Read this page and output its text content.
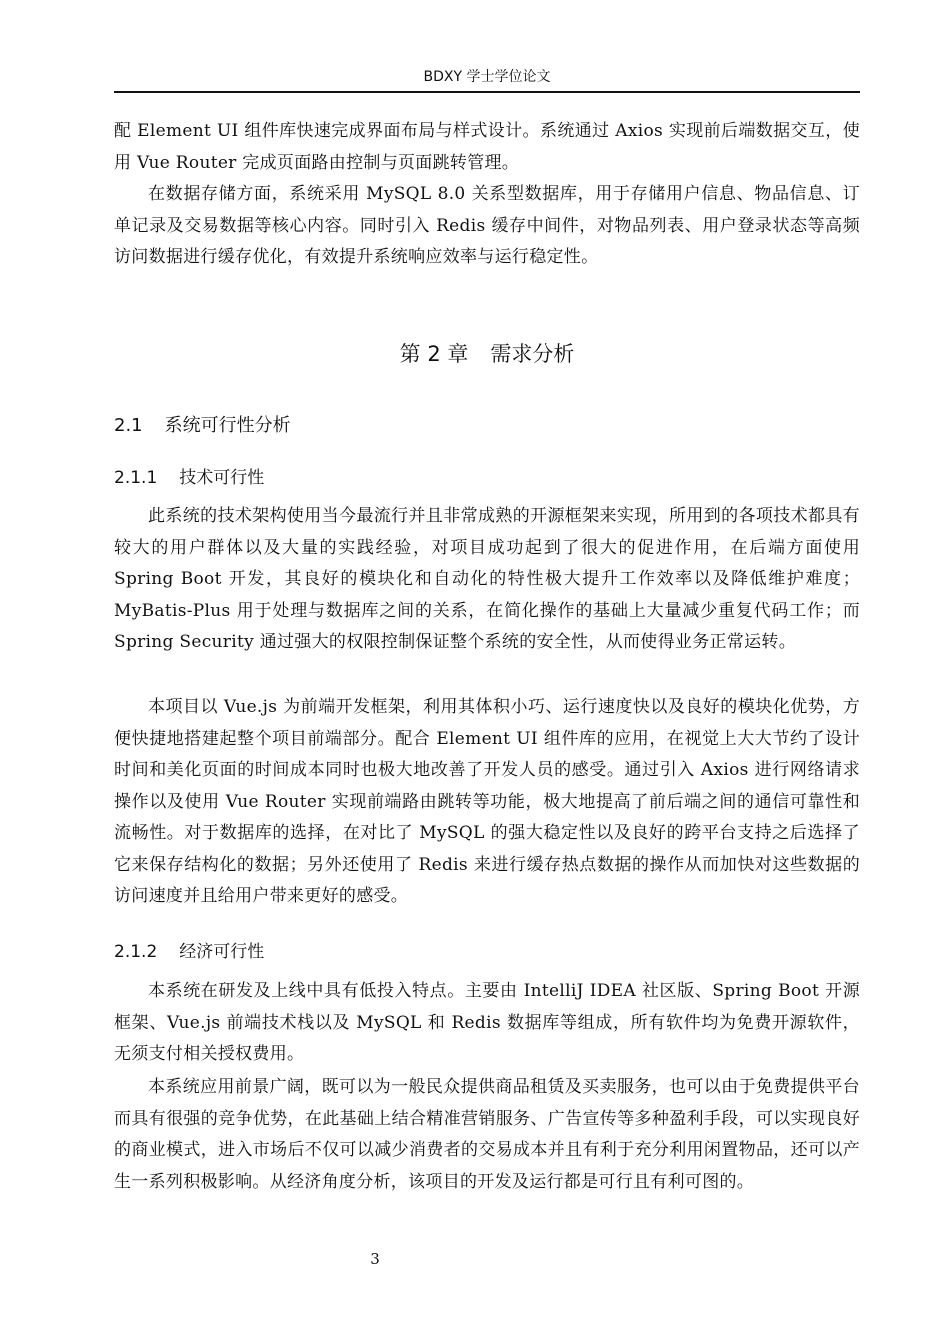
BDXY 学士学位论文

配 Element UI 组件库快速完成界面布局与样式设计。系统通过 Axios 实现前后端数据交互，使用 Vue Router 完成页面路由控制与页面跳转管理。

在数据存储方面，系统采用 MySQL 8.0 关系型数据库，用于存储用户信息、物品信息、订单记录及交易数据等核心内容。同时引入 Redis 缓存中间件，对物品列表、用户登录状态等高频访问数据进行缓存优化，有效提升系统响应效率与运行稳定性。

第 2 章 需求分析
2.1 系统可行性分析
2.1.1 技术可行性

此系统的技术架构使用当今最流行并且非常成熟的开源框架来实现，所用到的各项技术都具有较大的用户群体以及大量的实践经验，对项目成功起到了很大的促进作用，在后端方面使用 Spring Boot 开发，其良好的模块化和自动化的特性极大提升工作效率以及降低维护难度；MyBatis-Plus 用于处理与数据库之间的关系，在简化操作的基础上大量减少重复代码工作；而 Spring Security 通过强大的权限控制保证整个系统的安全性，从而使得业务正常运转。

本项目以 Vue.js 为前端开发框架，利用其体积小巧、运行速度快以及良好的模块化优势，方便快捷地搭建起整个项目前端部分。配合 Element UI 组件库的应用，在视觉上大大节约了设计时间和美化页面的时间成本同时也极大地改善了开发人员的感受。通过引入 Axios 进行网络请求操作以及使用 Vue Router 实现前端路由跳转等功能，极大地提高了前后端之间的通信可靠性和流畅性。对于数据库的选择，在对比了 MySQL 的强大稳定性以及良好的跨平台支持之后选择了它来保存结构化的数据；另外还使用了 Redis 来进行缓存热点数据的操作从而加快对这些数据的访问速度并且给用户带来更好的感受。

2.1.2 经济可行性

本系统在研发及上线中具有低投入特点。主要由 IntelliJ IDEA 社区版、Spring Boot 开源框架、Vue.js 前端技术栈以及 MySQL 和 Redis 数据库等组成，所有软件均为免费开源软件，无须支付相关授权费用。

本系统应用前景广阔，既可以为一般民众提供商品租赁及买卖服务，也可以由于免费提供平台而具有很强的竞争优势，在此基础上结合精准营销服务、广告宣传等多种盈利手段，可以实现良好的商业模式，进入市场后不仅可以减少消费者的交易成本并且有利于充分利用闲置物品，还可以产生一系列积极影响。从经济角度分析，该项目的开发及运行都是可行且有利可图的。

3
